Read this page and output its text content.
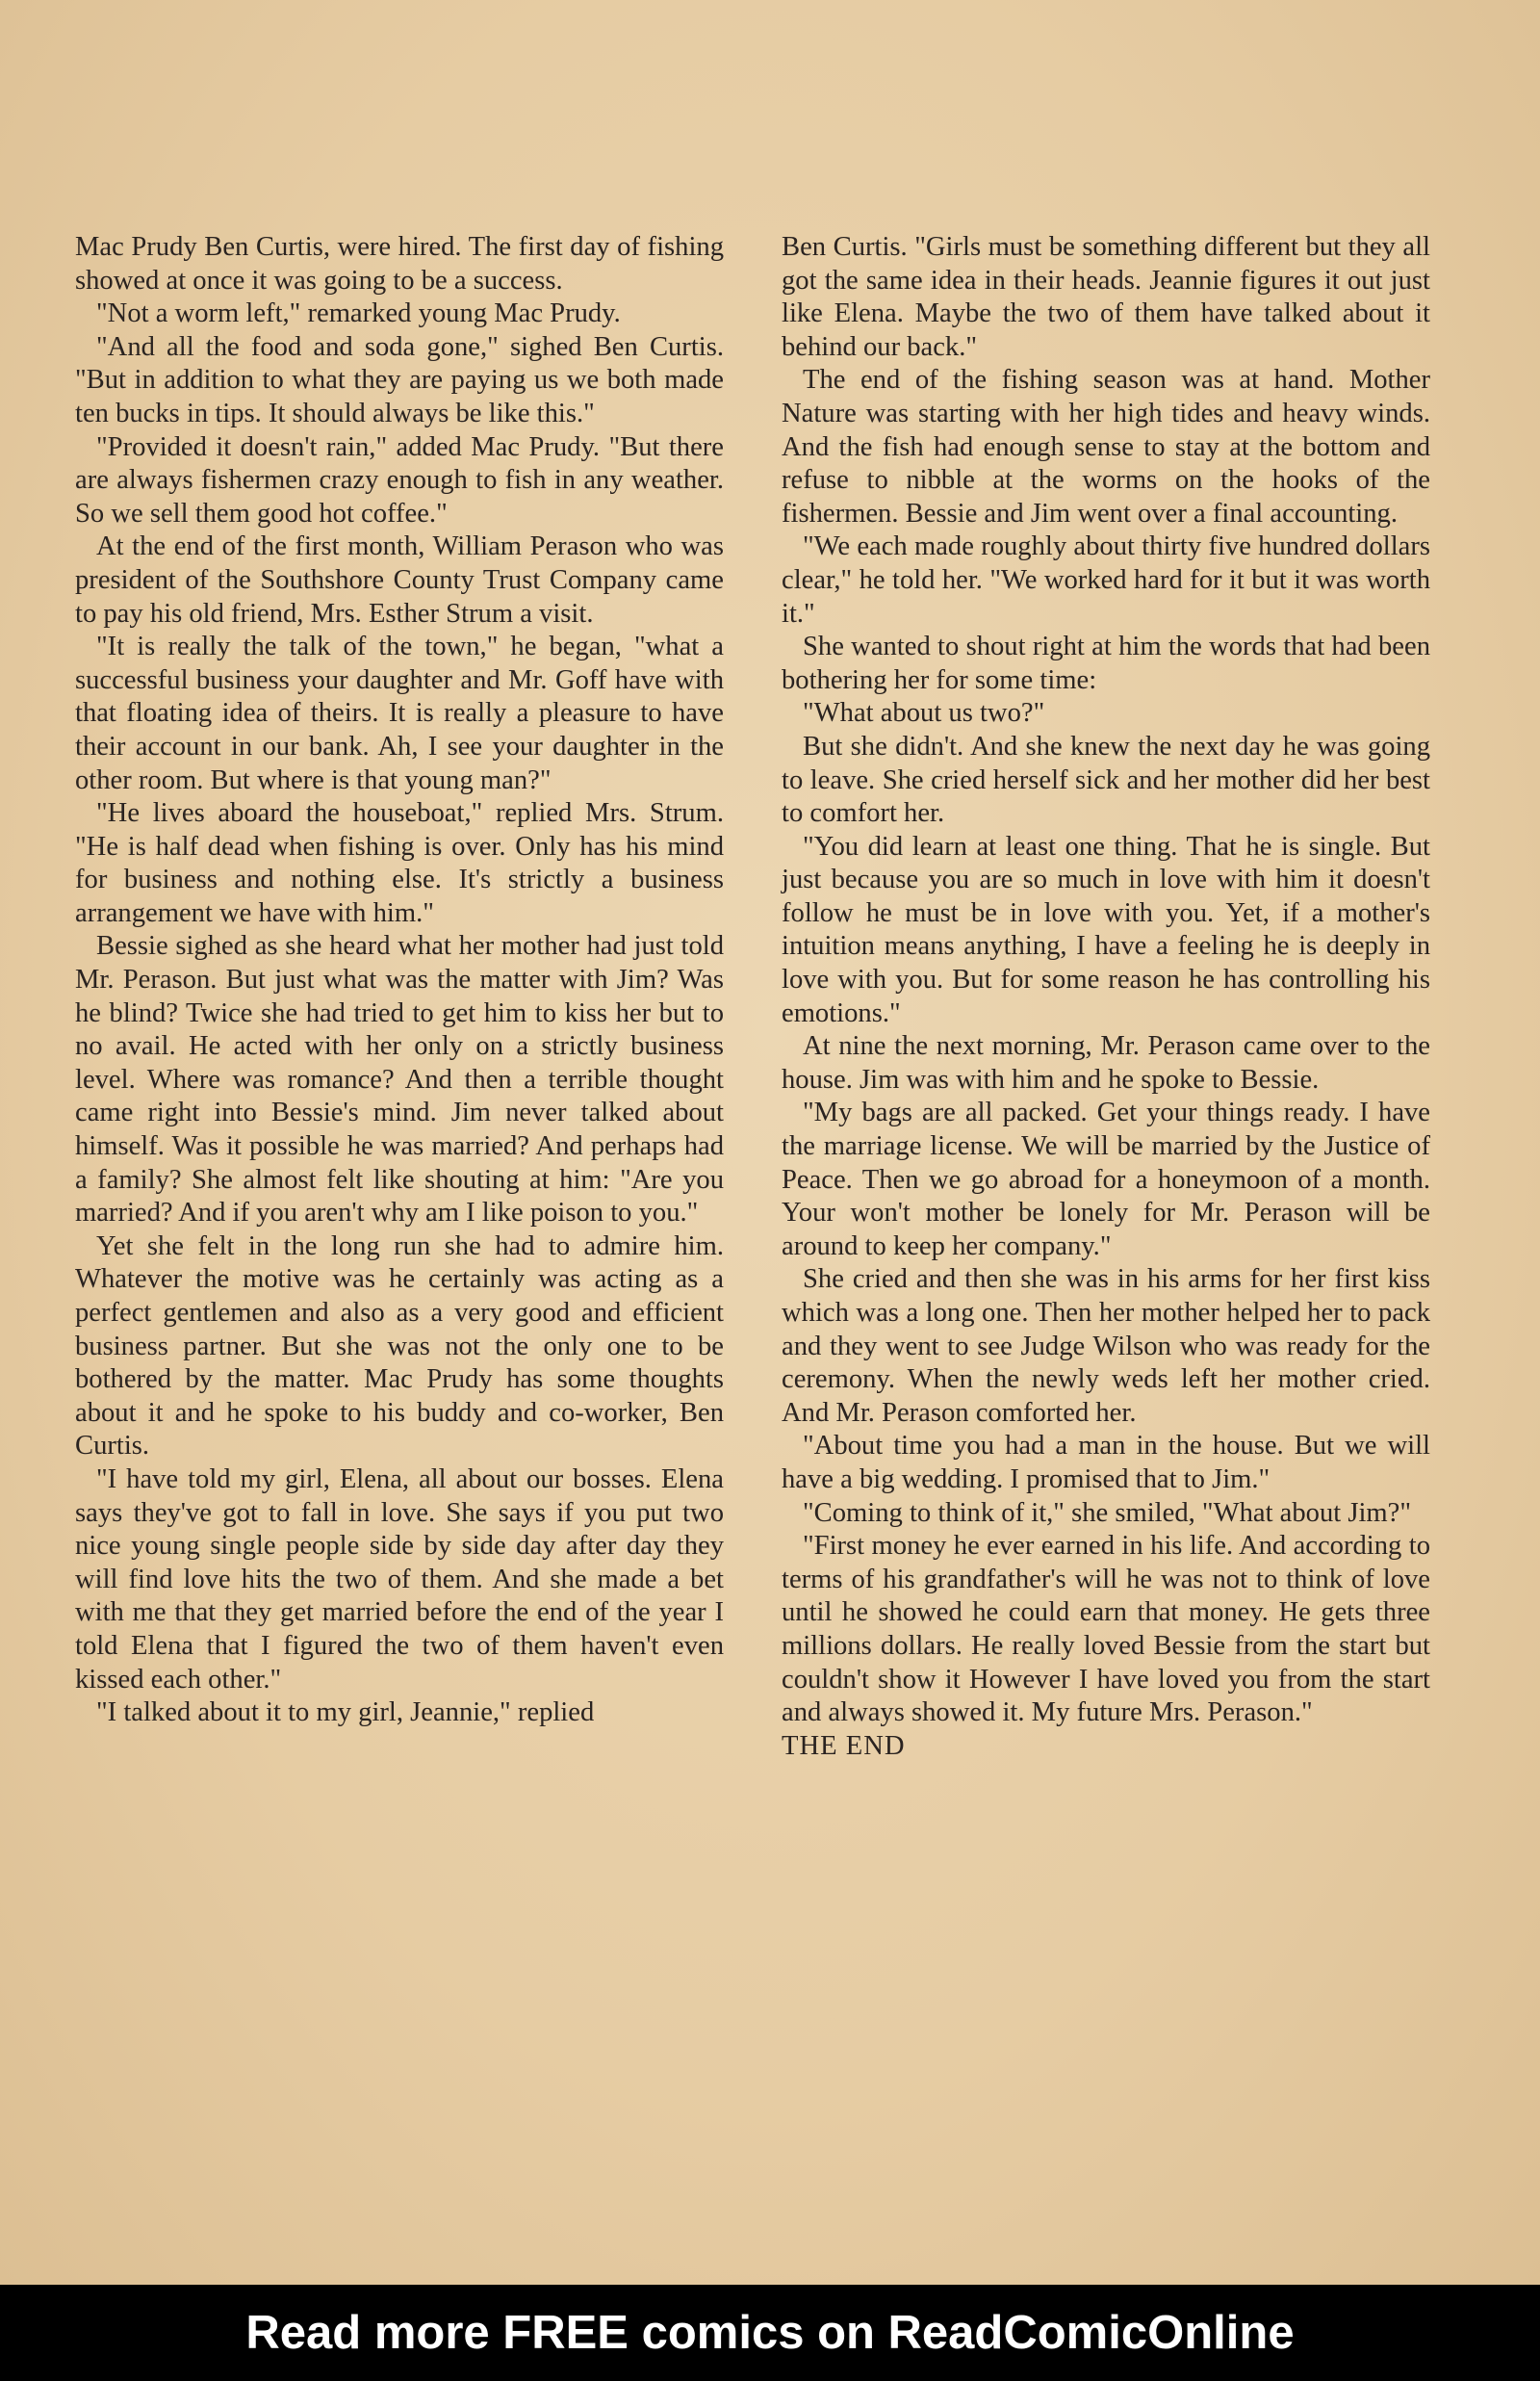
Mac Prudy Ben Curtis, were hired. The first day of fishing showed at once it was going to be a success.

"Not a worm left," remarked young Mac Prudy.

"And all the food and soda gone," sighed Ben Curtis. "But in addition to what they are paying us we both made ten bucks in tips. It should always be like this."

"Provided it doesn't rain," added Mac Prudy. "But there are always fishermen crazy enough to fish in any weather. So we sell them good hot coffee."

At the end of the first month, William Perason who was president of the Southshore County Trust Company came to pay his old friend, Mrs. Esther Strum a visit.

"It is really the talk of the town," he began, "what a successful business your daughter and Mr. Goff have with that floating idea of theirs. It is really a pleasure to have their account in our bank. Ah, I see your daughter in the other room. But where is that young man?"

"He lives aboard the houseboat," replied Mrs. Strum. "He is half dead when fishing is over. Only has his mind for business and nothing else. It's strictly a business arrangement we have with him."

Bessie sighed as she heard what her mother had just told Mr. Perason. But just what was the matter with Jim? Was he blind? Twice she had tried to get him to kiss her but to no avail. He acted with her only on a strictly business level. Where was romance? And then a terrible thought came right into Bessie's mind. Jim never talked about himself. Was it possible he was married? And perhaps had a family? She almost felt like shouting at him: "Are you married? And if you aren't why am I like poison to you."

Yet she felt in the long run she had to admire him. Whatever the motive was he certainly was acting as a perfect gentlemen and also as a very good and efficient business partner. But she was not the only one to be bothered by the matter. Mac Prudy has some thoughts about it and he spoke to his buddy and co-worker, Ben Curtis.

"I have told my girl, Elena, all about our bosses. Elena says they've got to fall in love. She says if you put two nice young single people side by side day after day they will find love hits the two of them. And she made a bet with me that they get married before the end of the year I told Elena that I figured the two of them haven't even kissed each other."

"I talked about it to my girl, Jeannie," replied

Ben Curtis. "Girls must be something different but they all got the same idea in their heads. Jeannie figures it out just like Elena. Maybe the two of them have talked about it behind our back."

The end of the fishing season was at hand. Mother Nature was starting with her high tides and heavy winds. And the fish had enough sense to stay at the bottom and refuse to nibble at the worms on the hooks of the fishermen. Bessie and Jim went over a final accounting.

"We each made roughly about thirty five hundred dollars clear," he told her. "We worked hard for it but it was worth it."

She wanted to shout right at him the words that had been bothering her for some time:

"What about us two?"

But she didn't. And she knew the next day he was going to leave. She cried herself sick and her mother did her best to comfort her.

"You did learn at least one thing. That he is single. But just because you are so much in love with him it doesn't follow he must be in love with you. Yet, if a mother's intuition means anything, I have a feeling he is deeply in love with you. But for some reason he has controlling his emotions."

At nine the next morning, Mr. Perason came over to the house. Jim was with him and he spoke to Bessie.

"My bags are all packed. Get your things ready. I have the marriage license. We will be married by the Justice of Peace. Then we go abroad for a honeymoon of a month. Your won't mother be lonely for Mr. Perason will be around to keep her company."

She cried and then she was in his arms for her first kiss which was a long one. Then her mother helped her to pack and they went to see Judge Wilson who was ready for the ceremony. When the newly weds left her mother cried. And Mr. Perason comforted her.

"About time you had a man in the house. But we will have a big wedding. I promised that to Jim."

"Coming to think of it," she smiled, "What about Jim?"

"First money he ever earned in his life. And according to terms of his grandfather's will he was not to think of love until he showed he could earn that money. He gets three millions dollars. He really loved Bessie from the start but couldn't show it However I have loved you from the start and always showed it. My future Mrs. Perason."

THE END

Read more FREE comics on ReadComicOnline
